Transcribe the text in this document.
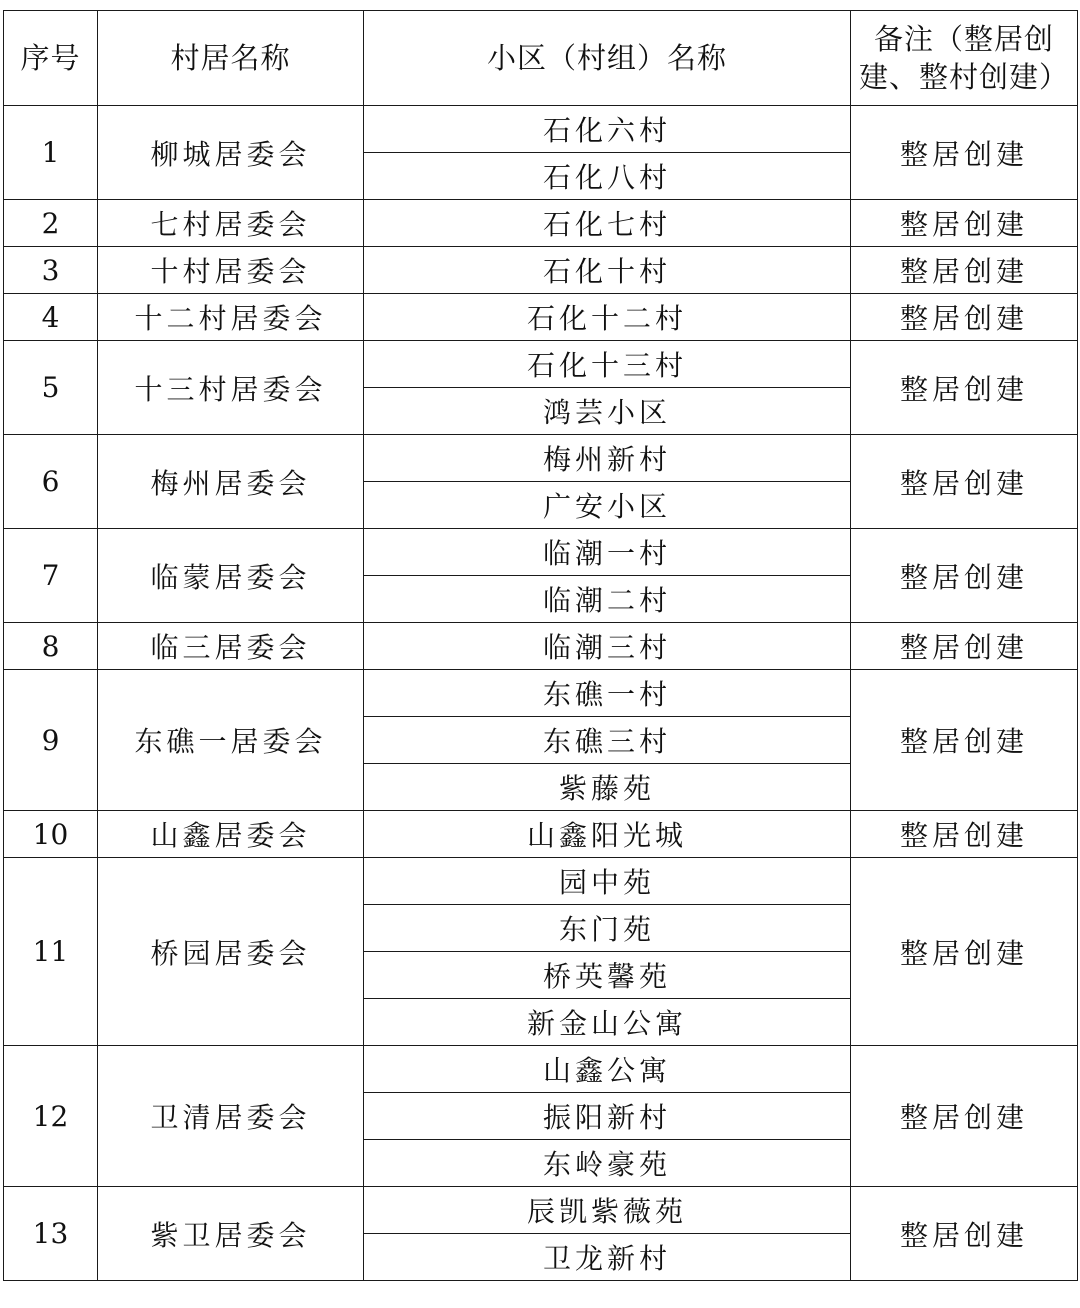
序号	村居名称	小区（村组）名称	备注（整居创建、整村创建）
1	柳城居委会	石化六村	整居创建
		石化八村	
2	七村居委会	石化七村	整居创建
3	十村居委会	石化十村	整居创建
4	十二村居委会	石化十二村	整居创建
5	十三村居委会	石化十三村	整居创建
		鸿芸小区	
6	梅州居委会	梅州新村	整居创建
		广安小区	
7	临蒙居委会	临潮一村	整居创建
		临潮二村	
8	临三居委会	临潮三村	整居创建
9	东礁一居委会	东礁一村	整居创建
		东礁三村	
		紫藤苑	
10	山鑫居委会	山鑫阳光城	整居创建
11	桥园居委会	园中苑	整居创建
		东门苑	
		桥英馨苑	
		新金山公寓	
12	卫清居委会	山鑫公寓	整居创建
		振阳新村	
		东岭豪苑	
13	紫卫居委会	辰凯紫薇苑	整居创建
		卫龙新村	
